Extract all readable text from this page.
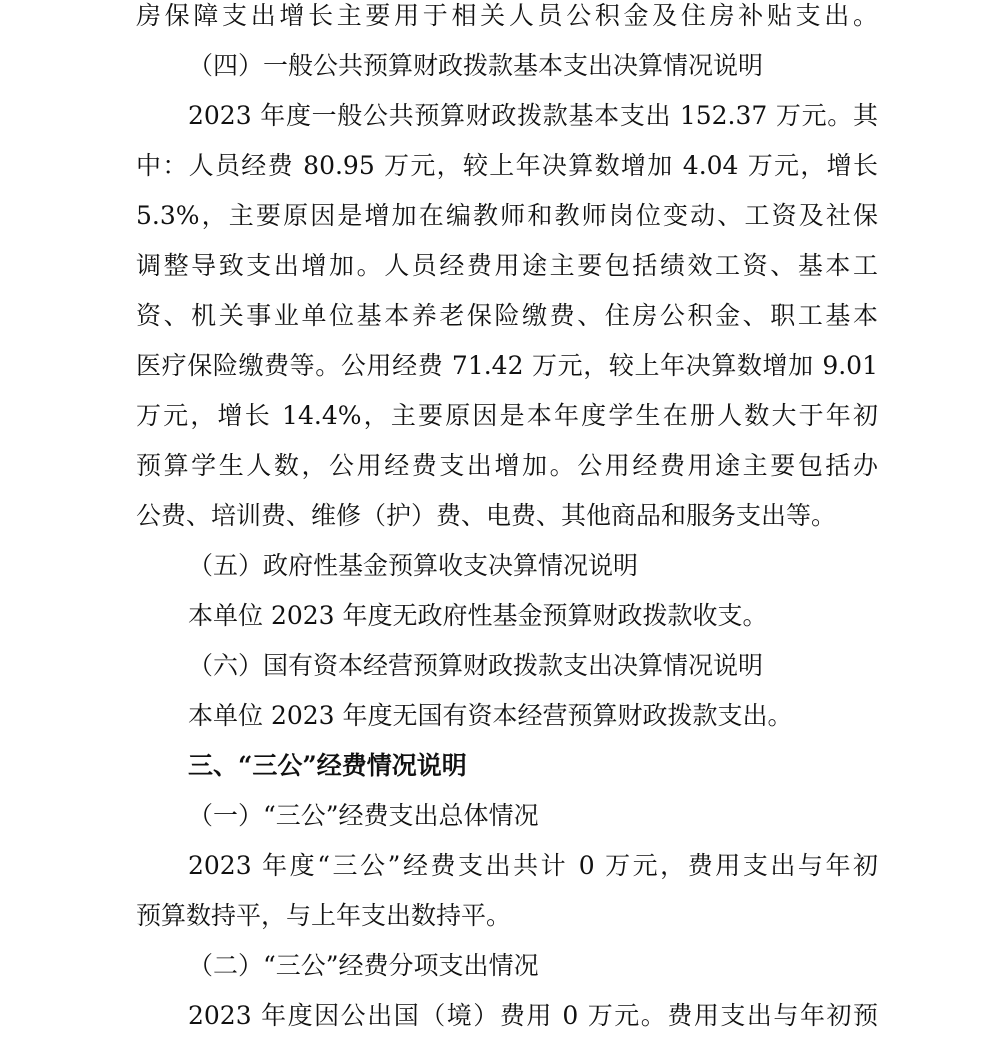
房保障支出增长主要用于相关人员公积金及住房补贴支出。
（四）一般公共预算财政拨款基本支出决算情况说明
2023 年度一般公共预算财政拨款基本支出 152.37 万元。其
中：人员经费 80.95 万元，较上年决算数增加 4.04 万元，增长
5.3%，主要原因是增加在编教师和教师岗位变动、工资及社保
调整导致支出增加。人员经费用途主要包括绩效工资、基本工
资、机关事业单位基本养老保险缴费、住房公积金、职工基本
医疗保险缴费等。公用经费 71.42 万元，较上年决算数增加 9.01
万元，增长 14.4%，主要原因是本年度学生在册人数大于年初
预算学生人数，公用经费支出增加。公用经费用途主要包括办
公费、培训费、维修（护）费、电费、其他商品和服务支出等。
（五）政府性基金预算收支决算情况说明
本单位 2023 年度无政府性基金预算财政拨款收支。
（六）国有资本经营预算财政拨款支出决算情况说明
本单位 2023 年度无国有资本经营预算财政拨款支出。
三、“三公”经费情况说明
（一）“三公”经费支出总体情况
2023 年度“三公”经费支出共计 0 万元，费用支出与年初
预算数持平，与上年支出数持平。
（二）“三公”经费分项支出情况
2023 年度因公出国（境）费用 0 万元。费用支出与年初预
